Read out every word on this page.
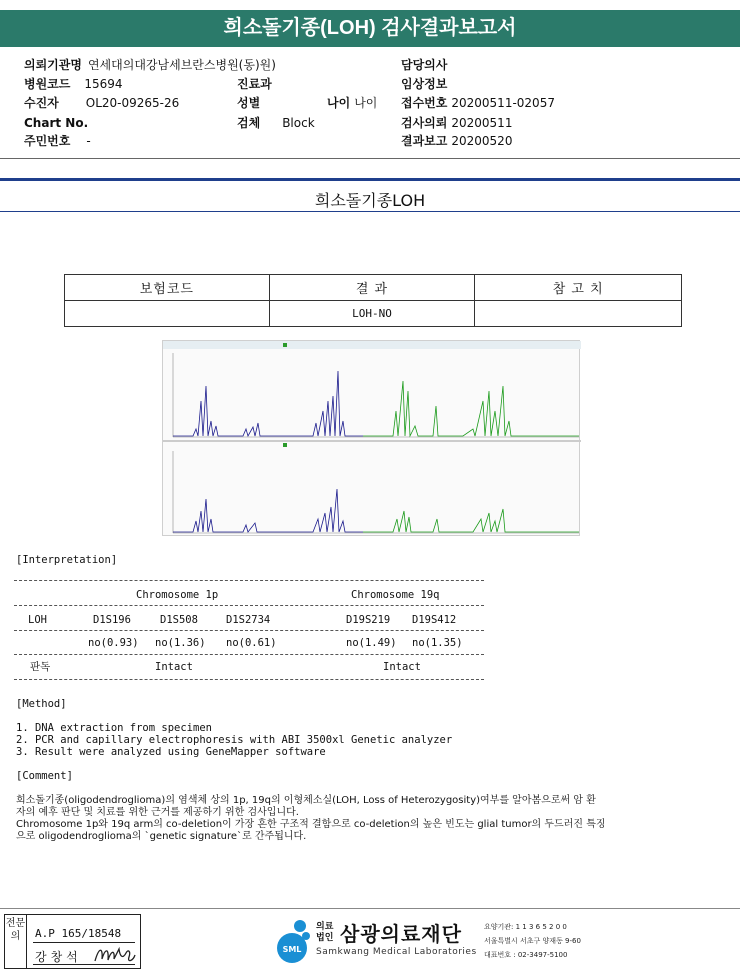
희소돌기종(LOH) 검사결과보고서
의뢰기관명 연세대의대강남세브란스병원(동)원)
병원코드 15694
수진자 OL20-09265-26
Chart No.
주민번호 -
진료과
성별	나이 나이
검체 Block
담당의사
임상정보
접수번호 20200511-02057
검사의뢰 20200511
결과보고 20200520
희소돌기종LOH
보험코드	결 과	참 고 치
	LOH-NO	
[Interpretation]
Chromosome 1p	Chromosome 19q
LOH	D1S196	D1S508	D1S2734	D19S219 D19S412
no(0.93) no(1.36) no(0.61)	no(1.49) no(1.35)
판독	Intact	Intact
[Method]
1. DNA extraction from specimen
2. PCR and capillary electrophoresis with ABI 3500xl Genetic analyzer
3. Result were analyzed using GeneMapper software
[Comment]
희소돌기종(oligodendroglioma)의 염색체 상의 1p, 19q의 이형체소실(LOH, Loss of Heterozygosity)여부를 알아봄으로써 암 환
자의 예후 판단 및 치료를 위한 근거를 제공하기 위한 검사입니다.
Chromosome 1p와 19q arm의 co-deletion이 가장 흔한 구조적 결함으로 co-deletion의 높은 빈도는 glial tumor의 두드러진 특징
으로 oligodendroglioma의 `genetic signature`로 간주됩니다.
전문의	A.P 165/18548
강창석
SML
의료
법인 삼광의료재단
Samkwang Medical Laboratories
요양기관: 1 1 3 6 5 2 0 0
서울특별시 서초구 양재동 9-60
대표번호 : 02-3497-5100
